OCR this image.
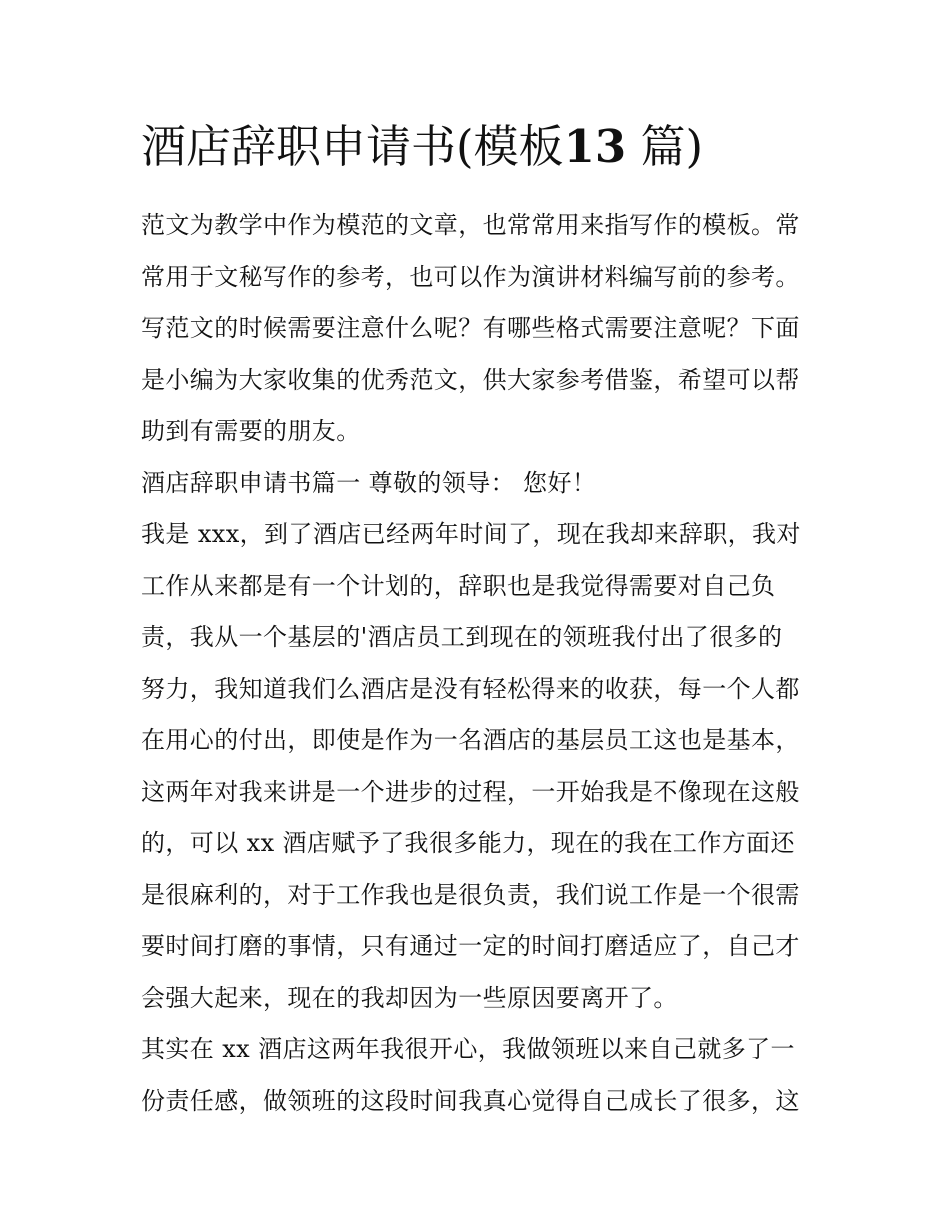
酒店辞职申请书(模板13 篇)
范文为教学中作为模范的文章，也常常用来指写作的模板。常
常用于文秘写作的参考，也可以作为演讲材料编写前的参考。
写范文的时候需要注意什么呢？有哪些格式需要注意呢？下面
是小编为大家收集的优秀范文，供大家参考借鉴，希望可以帮
助到有需要的朋友。
酒店辞职申请书篇一 尊敬的领导： 您好！
我是 xxx，到了酒店已经两年时间了，现在我却来辞职，我对
工作从来都是有一个计划的，辞职也是我觉得需要对自己负
责，我从一个基层的'酒店员工到现在的领班我付出了很多的
努力，我知道我们么酒店是没有轻松得来的收获，每一个人都
在用心的付出，即使是作为一名酒店的基层员工这也是基本，
这两年对我来讲是一个进步的过程，一开始我是不像现在这般
的，可以 xx 酒店赋予了我很多能力，现在的我在工作方面还
是很麻利的，对于工作我也是很负责，我们说工作是一个很需
要时间打磨的事情，只有通过一定的时间打磨适应了，自己才
会强大起来，现在的我却因为一些原因要离开了。
其实在 xx 酒店这两年我很开心，我做领班以来自己就多了一
份责任感，做领班的这段时间我真心觉得自己成长了很多，这
